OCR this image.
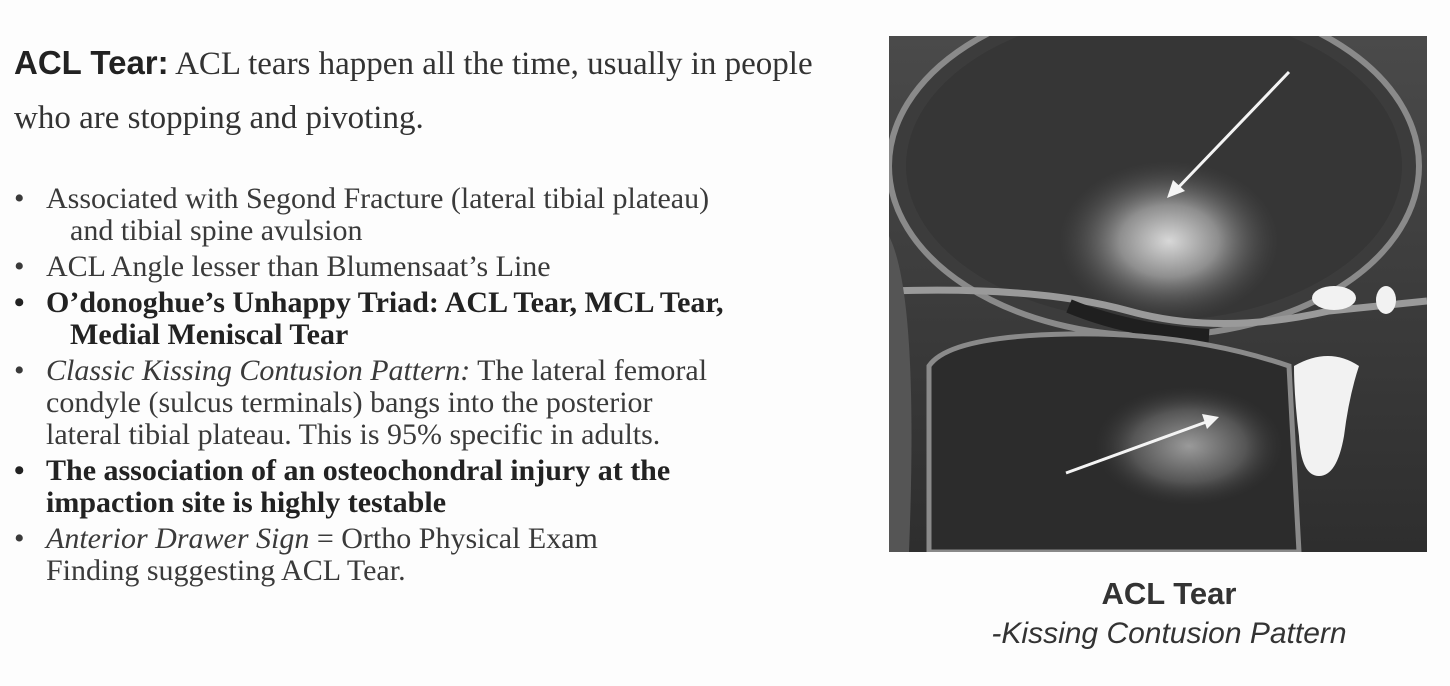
ACL Tear: ACL tears happen all the time, usually in people who are stopping and pivoting.
• Associated with Segond Fracture (lateral tibial plateau)
and tibial spine avulsion
• ACL Angle lesser than Blumensaat’s Line
• O’donoghue’s Unhappy Triad: ACL Tear, MCL Tear,
Medial Meniscal Tear
• Classic Kissing Contusion Pattern: The lateral femoral
condyle (sulcus terminals) bangs into the posterior
lateral tibial plateau. This is 95% specific in adults.
• The association of an osteochondral injury at the
impaction site is highly testable
• Anterior Drawer Sign = Ortho Physical Exam
Finding suggesting ACL Tear.
ACL Tear
-Kissing Contusion Pattern
